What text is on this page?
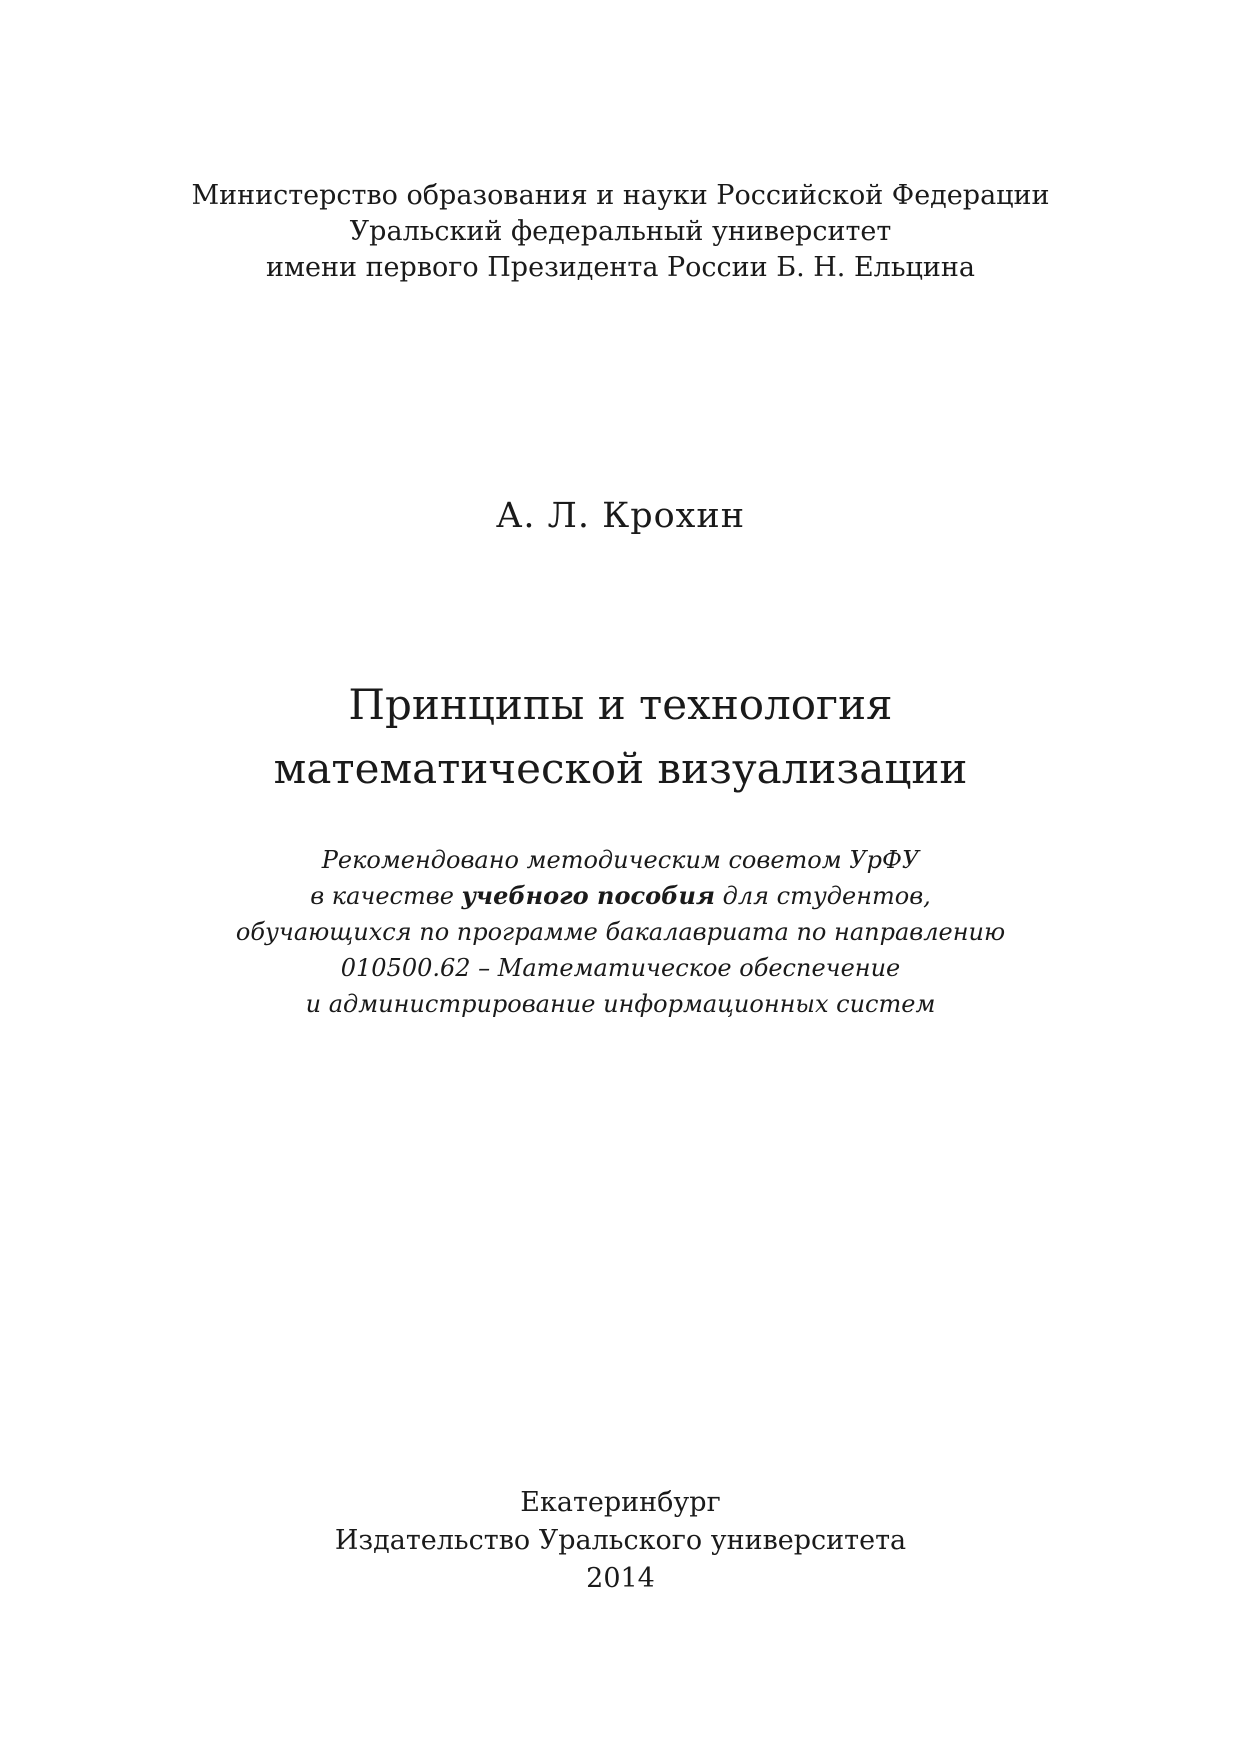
Министерство образования и науки Российской Федерации
Уральский федеральный университет
имени первого Президента России Б. Н. Ельцина
А. Л. Крохин
Принципы и технология
математической визуализации
Рекомендовано методическим советом УрФУ
в качестве учебного пособия для студентов,
обучающихся по программе бакалавриата по направлению
010500.62 – Математическое обеспечение
и администрирование информационных систем
Екатеринбург
Издательство Уральского университета
2014
